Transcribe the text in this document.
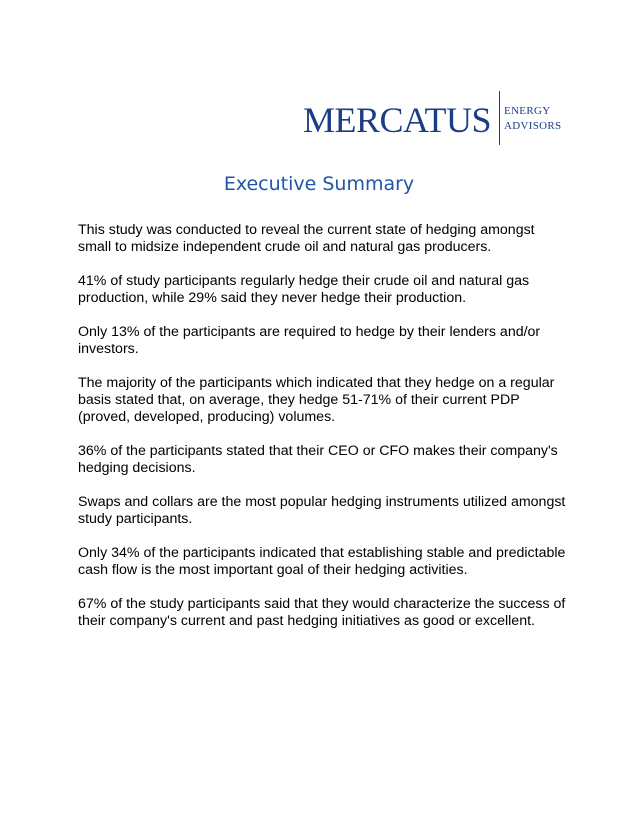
MERCATUS ENERGY
ADVISORS
Executive Summary

This study was conducted to reveal the current state of hedging amongst small to midsize independent crude oil and natural gas producers.

41% of study participants regularly hedge their crude oil and natural gas production, while 29% said they never hedge their production.

Only 13% of the participants are required to hedge by their lenders and/or investors.

The majority of the participants which indicated that they hedge on a regular basis stated that, on average, they hedge 51-71% of their current PDP (proved, developed, producing) volumes.

36% of the participants stated that their CEO or CFO makes their company's hedging decisions.

Swaps and collars are the most popular hedging instruments utilized amongst study participants.

Only 34% of the participants indicated that establishing stable and predictable cash flow is the most important goal of their hedging activities.

67% of the study participants said that they would characterize the success of their company's current and past hedging initiatives as good or excellent.
